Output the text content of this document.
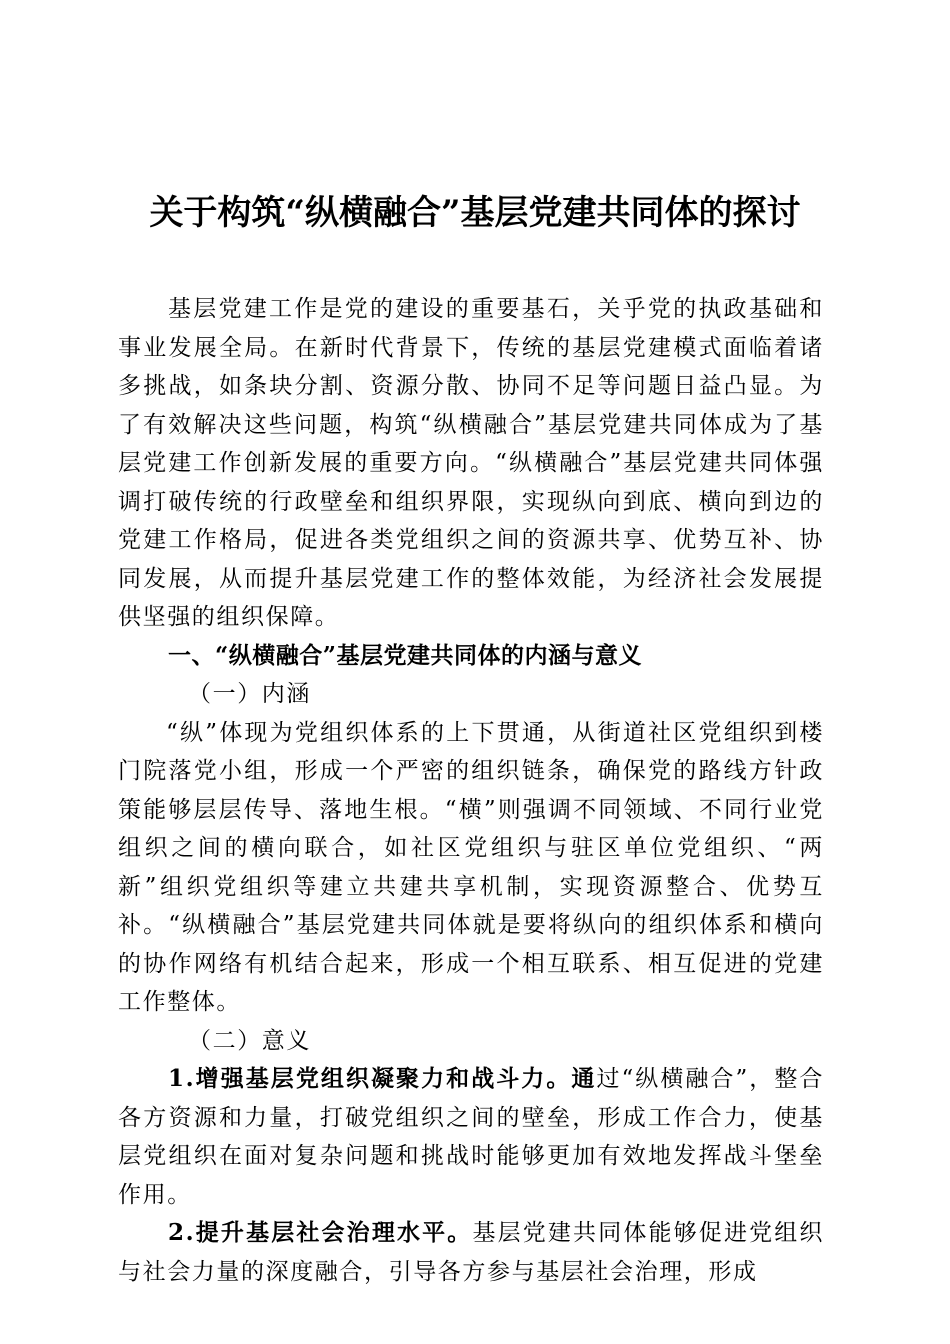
关于构筑“纵横融合”基层党建共同体的探讨

基层党建工作是党的建设的重要基石，关乎党的执政基础和事业发展全局。在新时代背景下，传统的基层党建模式面临着诸多挑战，如条块分割、资源分散、协同不足等问题日益凸显。为了有效解决这些问题，构筑“纵横融合”基层党建共同体成为了基层党建工作创新发展的重要方向。“纵横融合”基层党建共同体强调打破传统的行政壁垒和组织界限，实现纵向到底、横向到边的党建工作格局，促进各类党组织之间的资源共享、优势互补、协同发展，从而提升基层党建工作的整体效能，为经济社会发展提供坚强的组织保障。

一、“纵横融合”基层党建共同体的内涵与意义

（一）内涵

“纵”体现为党组织体系的上下贯通，从街道社区党组织到楼门院落党小组，形成一个严密的组织链条，确保党的路线方针政策能够层层传导、落地生根。“横”则强调不同领域、不同行业党组织之间的横向联合，如社区党组织与驻区单位党组织、“两新”组织党组织等建立共建共享机制，实现资源整合、优势互补。“纵横融合”基层党建共同体就是要将纵向的组织体系和横向的协作网络有机结合起来，形成一个相互联系、相互促进的党建工作整体。

（二）意义

1.增强基层党组织凝聚力和战斗力。通过“纵横融合”，整合各方资源和力量，打破党组织之间的壁垒，形成工作合力，使基层党组织在面对复杂问题和挑战时能够更加有效地发挥战斗堡垒作用。

2.提升基层社会治理水平。基层党建共同体能够促进党组织与社会力量的深度融合，引导各方参与基层社会治理，形成
